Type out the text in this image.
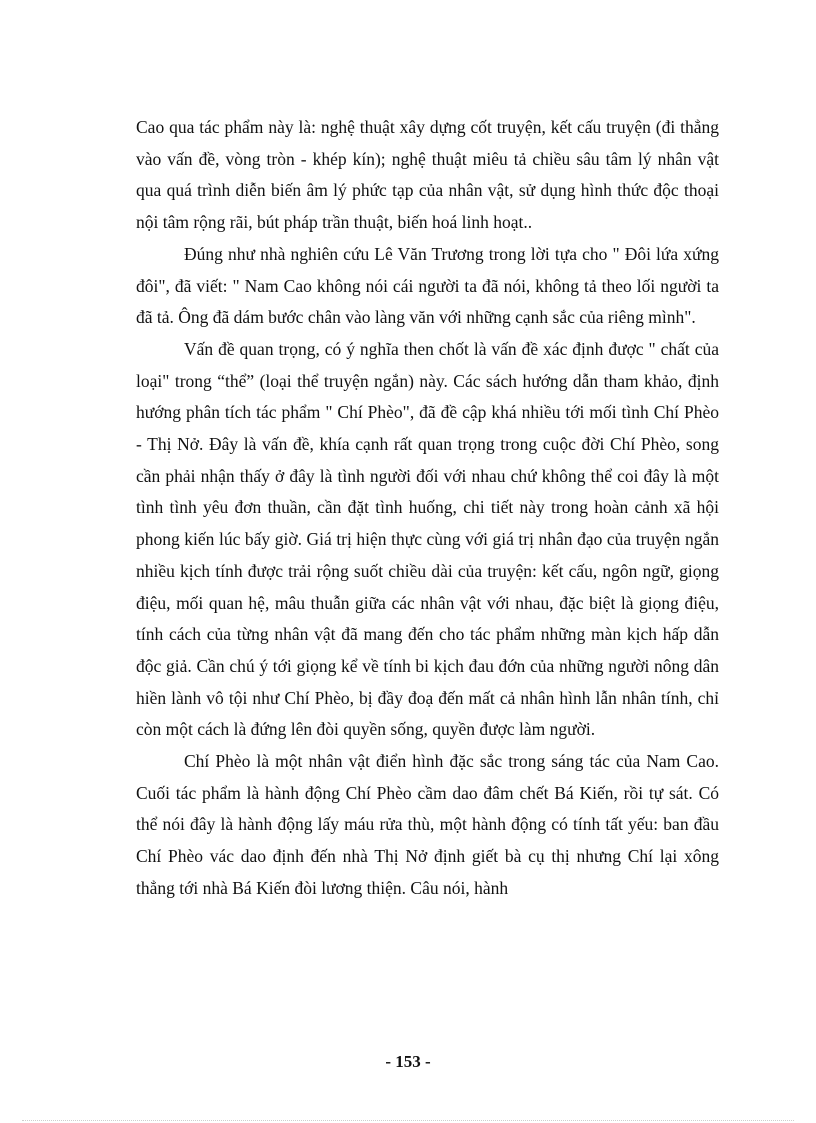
Cao qua tác phẩm này là: nghệ thuật xây dựng cốt truyện, kết cấu truyện (đi thẳng vào vấn đề, vòng tròn - khép kín); nghệ thuật miêu tả chiều sâu tâm lý nhân vật qua quá trình diễn biến âm lý phức tạp của nhân vật, sử dụng hình thức độc thoại nội tâm rộng rãi, bút pháp trần thuật, biến hoá linh hoạt..

Đúng như nhà nghiên cứu Lê Văn Trương trong lời tựa cho " Đôi lứa xứng đôi", đã viết: " Nam Cao không nói cái người ta đã nói, không tả theo lối người ta đã tả. Ông đã dám bước chân vào làng văn với những cạnh sắc của riêng mình".

Vấn đề quan trọng, có ý nghĩa then chốt là vấn đề xác định được " chất của loại" trong “thể” (loại thể truyện ngắn) này. Các sách hướng dẫn tham khảo, định hướng phân tích tác phẩm " Chí Phèo", đã đề cập khá nhiều tới mối tình Chí Phèo - Thị Nở. Đây là vấn đề, khía cạnh rất quan trọng trong cuộc đời Chí Phèo, song cần phải nhận thấy ở đây là tình người đối với nhau chứ không thể coi đây là một tình tình yêu đơn thuần, cần đặt tình huống, chi tiết này trong hoàn cảnh xã hội phong kiến lúc bấy giờ. Giá trị hiện thực cùng với giá trị nhân đạo của truyện ngắn nhiều kịch tính được trải rộng suốt chiều dài của truyện: kết cấu, ngôn ngữ, giọng điệu, mối quan hệ, mâu thuẫn giữa các nhân vật với nhau, đặc biệt là giọng điệu, tính cách của từng nhân vật đã mang đến cho tác phẩm những màn kịch hấp dẫn độc giả. Cần chú ý tới giọng kể về tính bi kịch đau đớn của những người nông dân hiền lành vô tội như Chí Phèo, bị đầy đoạ đến mất cả nhân hình lẫn nhân tính, chỉ còn một cách là đứng lên đòi quyền sống, quyền được làm người.

Chí Phèo là một nhân vật điển hình đặc sắc trong sáng tác của Nam Cao. Cuối tác phẩm là hành động Chí Phèo cầm dao đâm chết Bá Kiến, rồi tự sát. Có thể nói đây là hành động lấy máu rửa thù, một hành động có tính tất yếu: ban đầu Chí Phèo vác dao định đến nhà Thị Nở định giết bà cụ thị nhưng Chí lại xông thẳng tới nhà Bá Kiến đòi lương thiện. Câu nói, hành

- 153 -
